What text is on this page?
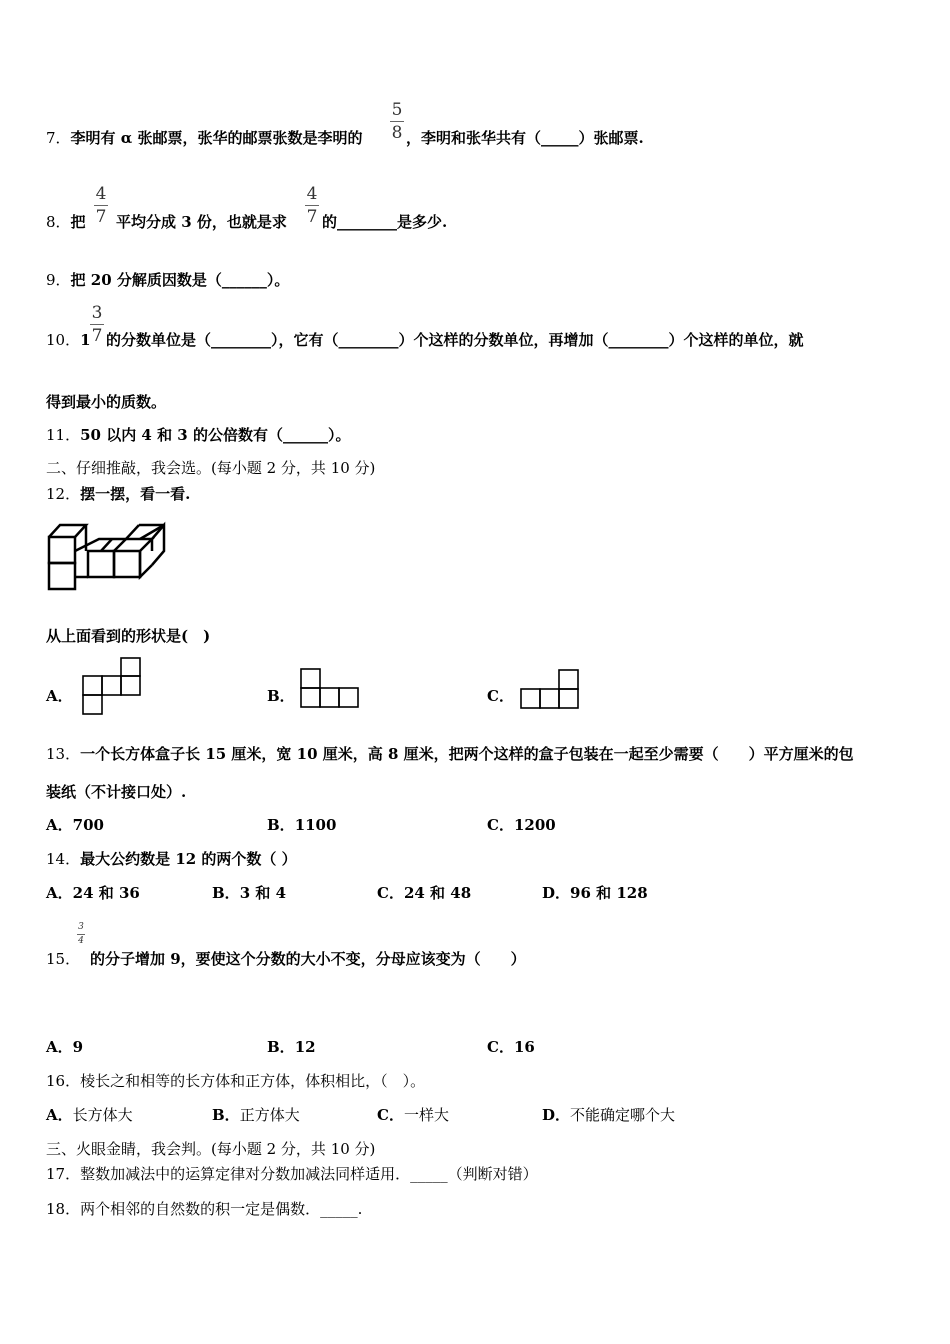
7．李明有 α 张邮票，张华的邮票张数是李明的
5
8 ，李明和张华共有（_____）张邮票.
8．把
4
7 平均分成 3 份，也就是求
4
7 的________是多少.
9．把 20 分解质因数是（______）。
10．1
3
7 的分数单位是（________），它有（________）个这样的分数单位，再增加（________）个这样的单位，就
得到最小的质数。
11．50 以内 4 和 3 的公倍数有（______）。
二、仔细推敲，我会选。(每小题 2 分，共 10 分)
12．摆一摆，看一看.
从上面看到的形状是(　)
A．	B．	C．
13．一个长方体盒子长 15 厘米，宽 10 厘米，高 8 厘米，把两个这样的盒子包装在一起至少需要（　　）平方厘米的包
装纸（不计接口处）.
A．700	B．1100	C．1200
14．最大公约数是 12 的两个数（ ）
A．24 和 36	B．3 和 4	C．24 和 48	D．96 和 128
15．
3
4
的分子增加 9，要使这个分数的大小不变，分母应该变为（　　）
A．9	B．12	C．16
16．棱长之和相等的长方体和正方体，体积相比，（　）。
A．长方体大	B．正方体大	C．一样大	D．不能确定哪个大
三、火眼金睛，我会判。(每小题 2 分，共 10 分)
17．整数加减法中的运算定律对分数加减法同样适用．_____（判断对错）
18．两个相邻的自然数的积一定是偶数．_____.
